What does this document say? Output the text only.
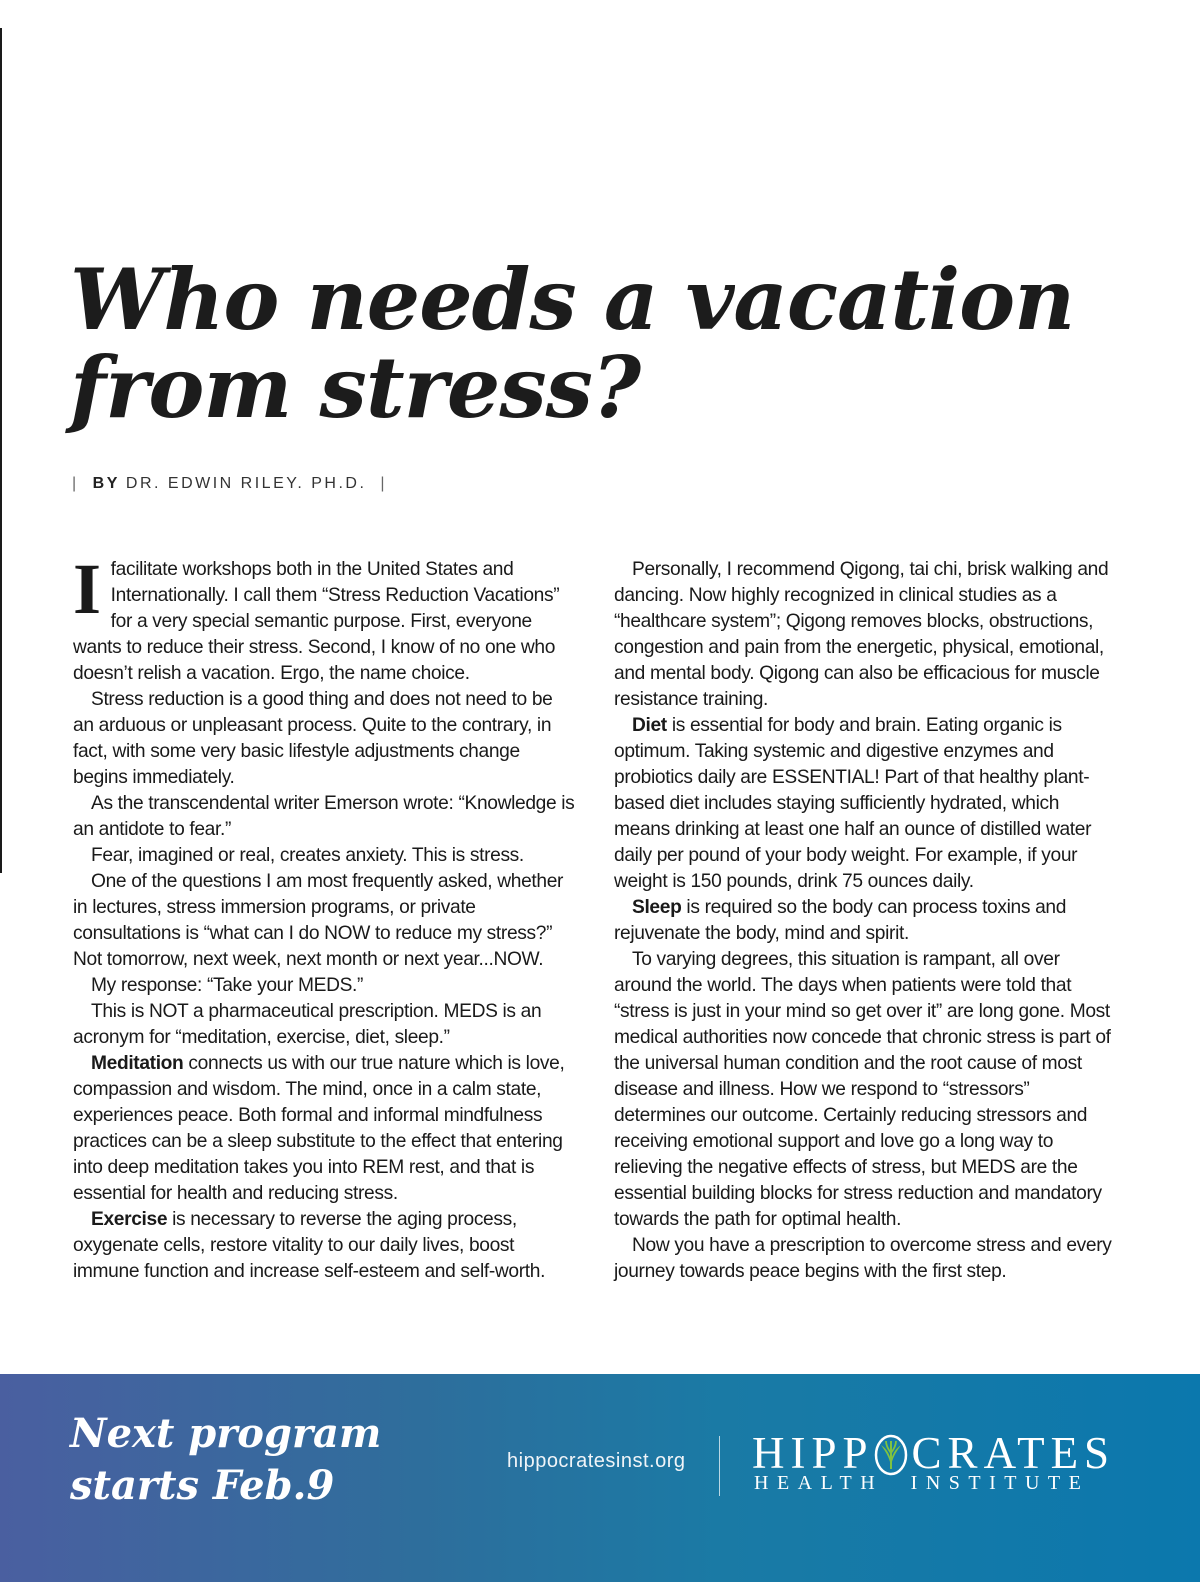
Who needs a vacation
from stress?
| BY DR. EDWIN RILEY. PH.D. |

Ifacilitate workshops both in the United States and Internationally. I call them “Stress Reduction Vacations” for a very special semantic purpose. First, everyone wants to reduce their stress. Second, I know of no one who doesn’t relish a vacation. Ergo, the name choice.

Stress reduction is a good thing and does not need to be an arduous or unpleasant process. Quite to the contrary, in fact, with some very basic lifestyle adjustments change begins immediately.

As the transcendental writer Emerson wrote: “Knowledge is an antidote to fear.”

Fear, imagined or real, creates anxiety. This is stress.

One of the questions I am most frequently asked, whether in lectures, stress immersion programs, or private consultations is “what can I do NOW to reduce my stress?” Not tomorrow, next week, next month or next year...NOW.

My response: “Take your MEDS.”

This is NOT a pharmaceutical prescription. MEDS is an acronym for “meditation, exercise, diet, sleep.”

Meditation connects us with our true nature which is love, compassion and wisdom. The mind, once in a calm state, experiences peace. Both formal and informal mindfulness practices can be a sleep substitute to the effect that entering into deep meditation takes you into REM rest, and that is essential for health and reducing stress.

Exercise is necessary to reverse the aging process, oxygenate cells, restore vitality to our daily lives, boost immune function and increase self-esteem and self-worth.

Personally, I recommend Qigong, tai chi, brisk walking and dancing. Now highly recognized in clinical studies as a “healthcare system”; Qigong removes blocks, obstructions, congestion and pain from the energetic, physical, emotional, and mental body. Qigong can also be efficacious for muscle resistance training.

Diet is essential for body and brain. Eating organic is optimum. Taking systemic and digestive enzymes and probiotics daily are ESSENTIAL! Part of that healthy plant-based diet includes staying sufficiently hydrated, which means drinking at least one half an ounce of distilled water daily per pound of your body weight. For example, if your weight is 150 pounds, drink 75 ounces daily.

Sleep is required so the body can process toxins and rejuvenate the body, mind and spirit.

To varying degrees, this situation is rampant, all over around the world. The days when patients were told that “stress is just in your mind so get over it” are long gone. Most medical authorities now concede that chronic stress is part of the universal human condition and the root cause of most disease and illness. How we respond to “stressors” determines our outcome. Certainly reducing stressors and receiving emotional support and love go a long way to relieving the negative effects of stress, but MEDS are the essential building blocks for stress reduction and mandatory towards the path for optimal health.

Now you have a prescription to overcome stress and every journey towards peace begins with the first step.

Next program
starts Feb.9
hippocratesinst.org HIPP CRATES
HEALTH INSTITUTE
